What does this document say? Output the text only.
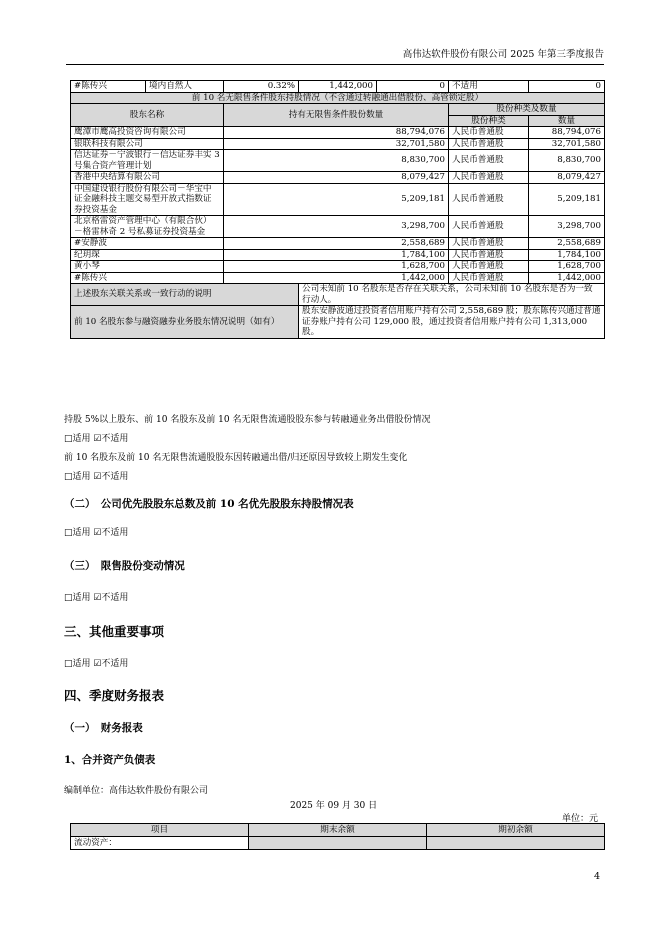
高伟达软件股份有限公司 2025 年第三季度报告
#陈传兴	境内自然人	0.32%	1,442,000	0	不适用	0
前 10 名无限售条件股东持股情况（不含通过转融通出借股份、高管锁定股）						
股东名称		持有无限售条件股份数量			股份种类及数量	
					股份种类	数量
鹰潭市鹰高投资咨询有限公司		88,794,076			人民币普通股	88,794,076
银联科技有限公司		32,701,580			人民币普通股	32,701,580
信达证券－宁波银行－信达证券丰实 3 号集合资产管理计划		8,830,700			人民币普通股	8,830,700
香港中央结算有限公司		8,079,427			人民币普通股	8,079,427
中国建设银行股份有限公司－华宝中证金融科技主题交易型开放式指数证券投资基金		5,209,181			人民币普通股	5,209,181
北京格雷资产管理中心（有限合伙）－格雷林奇 2 号私募证券投资基金		3,298,700			人民币普通股	3,298,700
#安静波		2,558,689			人民币普通股	2,558,689
纪玥琛		1,784,100			人民币普通股	1,784,100
黄小琴		1,628,700			人民币普通股	1,628,700
#陈传兴		1,442,000			人民币普通股	1,442,000
上述股东关联关系或一致行动的说明			公司未知前 10 名股东是否存在关联关系，公司未知前 10 名股东是否为一致行动人。			
前 10 名股东参与融资融券业务股东情况说明（如有）			股东安静波通过投资者信用账户持有公司 2,558,689 股；股东陈传兴通过普通证券账户持有公司 129,000 股，通过投资者信用账户持有公司 1,313,000 股。			
持股 5%以上股东、前 10 名股东及前 10 名无限售流通股股东参与转融通业务出借股份情况
□适用 ☑不适用
前 10 名股东及前 10 名无限售流通股股东因转融通出借/归还原因导致较上期发生变化
□适用 ☑不适用
（二）　公司优先股股东总数及前 10 名优先股股东持股情况表
□适用 ☑不适用
（三）　限售股份变动情况
□适用 ☑不适用
三、其他重要事项
□适用 ☑不适用
四、季度财务报表
（一）　财务报表
1、合并资产负债表
编制单位：高伟达软件股份有限公司
2025 年 09 月 30 日
单位：元
项目	期末余额	期初余额
流动资产：		
4
